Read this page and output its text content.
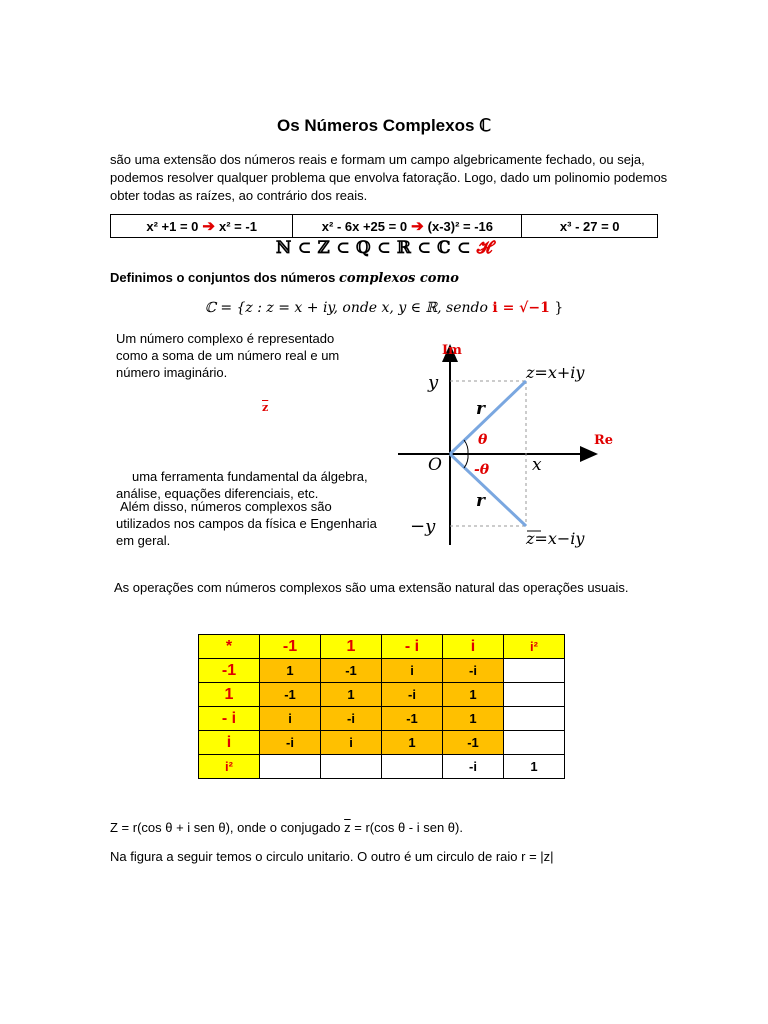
Os Números Complexos ℂ
são uma extensão dos números reais e formam um campo algebricamente fechado, ou seja, podemos resolver qualquer problema que envolva fatoração. Logo, dado um polinomio podemos obter todas as raízes, ao contrário dos reais.
x² +1 = 0 ➔ x² = -1	x² - 6x +25 = 0 ➔ (x-3)² = -16	x³ - 27 = 0
ℕ ⊂ ℤ ⊂ ℚ ⊂ ℝ ⊂ ℂ ⊂ 𝓗
Definimos o conjuntos dos números complexos como
ℂ = {z : z = x + iy, onde x, y ∈ ℝ, sendo i = √−1 }
Um número complexo é representado como a soma de um número real e um número imaginário.
$\overline{z}$
uma ferramenta fundamental da álgebra, análise, equações diferenciais, etc.
Além disso, números complexos são utilizados nos campos da física e Engenharia em geral.
Im
Re
y
−y
O	x
r
r
θ
-θ
z=x+iy
z=x−iy
As operações com números complexos são uma extensão natural das operações usuais.
*	-1	1	- i	i	i²
-1	1	-1	i	-i	
1	-1	1	-i	1	
- i	i	-i	-1	1	
i	-i	i	1	-1	
i²				-i	1
Z = r(cos θ + i sen θ), onde o conjugado $\overline{z} = r(\cos$ θ - i sen θ).
Na figura a seguir temos o circulo unitario. O outro é um circulo de raio r = |z|
